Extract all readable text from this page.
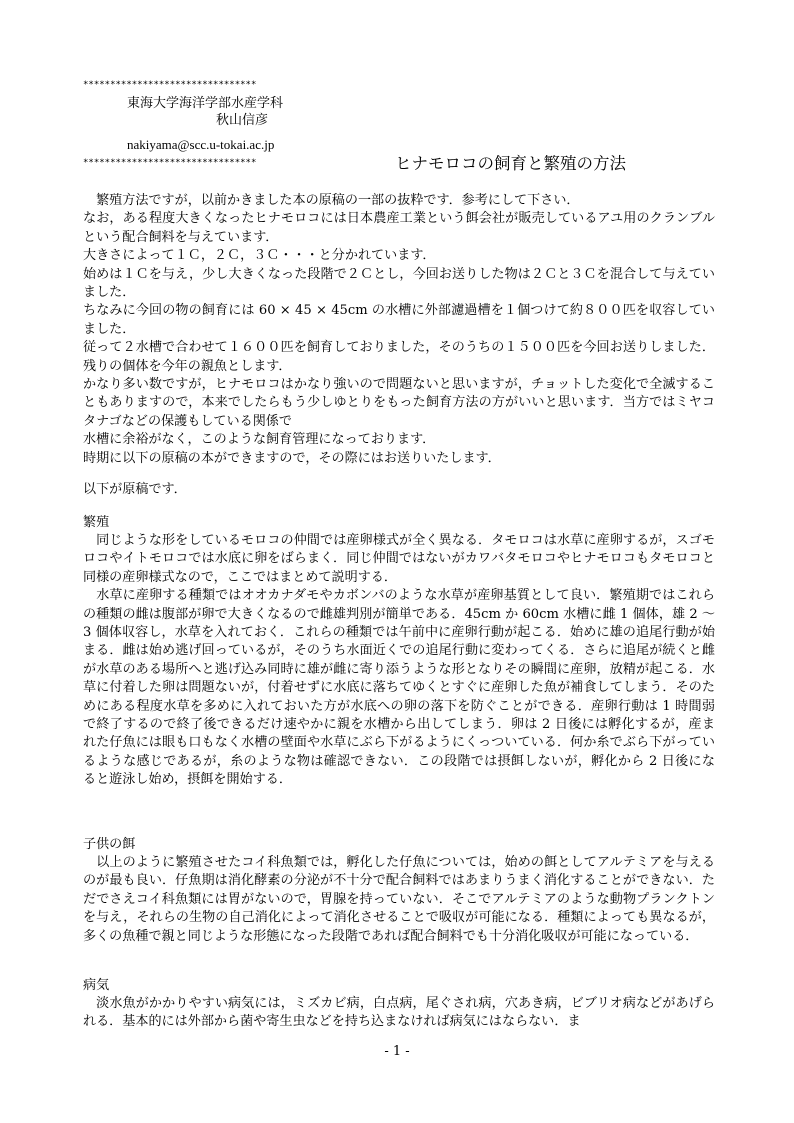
********************************
東海大学海洋学部水産学科
秋山信彦
nakiyama@scc.u-tokai.ac.jp
********************************	ヒナモロコの飼育と繁殖の方法

　繁殖方法ですが，以前かきました本の原稿の一部の抜粋です．参考にして下さい．

なお，ある程度大きくなったヒナモロコには日本農産工業という餌会社が販売しているアユ用のクランブルという配合飼料を与えています．

大きさによって１Ｃ，２Ｃ，３Ｃ・・・と分かれています．

始めは１Ｃを与え，少し大きくなった段階で２Ｃとし，今回お送りした物は２Ｃと３Ｃを混合して与えていました．

ちなみに今回の物の飼育には 60 × 45 × 45cm の水槽に外部濾過槽を１個つけて約８００匹を収容していました．

従って２水槽で合わせて１６００匹を飼育しておりました，そのうちの１５００匹を今回お送りしました．残りの個体を今年の親魚とします．

かなり多い数ですが，ヒナモロコはかなり強いので問題ないと思いますが，チョットした変化で全滅することもありますので，本来でしたらもう少しゆとりをもった飼育方法の方がいいと思います．当方ではミヤコタナゴなどの保護もしている関係で

水槽に余裕がなく，このような飼育管理になっております．

時期に以下の原稿の本ができますので，その際にはお送りいたします．

以下が原稿です．
繁殖

　同じような形をしているモロコの仲間では産卵様式が全く異なる．タモロコは水草に産卵するが，スゴモロコやイトモロコでは水底に卵をばらまく．同じ仲間ではないがカワバタモロコやヒナモロコもタモロコと同様の産卵様式なので，ここではまとめて説明する．

　水草に産卵する種類ではオオカナダモやカボンバのような水草が産卵基質として良い．繁殖期ではこれらの種類の雌は腹部が卵で大きくなるので雌雄判別が簡単である．45cm か 60cm 水槽に雌 1 個体，雄 2 ～ 3 個体収容し，水草を入れておく．これらの種類では午前中に産卵行動が起こる．始めに雄の追尾行動が始まる．雌は始め逃げ回っているが，そのうち水面近くでの追尾行動に変わってくる．さらに追尾が続くと雌が水草のある場所へと逃げ込み同時に雄が雌に寄り添うような形となりその瞬間に産卵，放精が起こる．水草に付着した卵は問題ないが，付着せずに水底に落ちてゆくとすぐに産卵した魚が補食してしまう．そのためにある程度水草を多めに入れておいた方が水底への卵の落下を防ぐことができる．産卵行動は 1 時間弱で終了するので終了後できるだけ速やかに親を水槽から出してしまう．卵は 2 日後には孵化するが，産まれた仔魚には眼も口もなく水槽の壁面や水草にぶら下がるようにくっついている．何か糸でぶら下がっているような感じであるが，糸のような物は確認できない．この段階では摂餌しないが，孵化から 2 日後になると遊泳し始め，摂餌を開始する．

子供の餌

　以上のように繁殖させたコイ科魚類では，孵化した仔魚については，始めの餌としてアルテミアを与えるのが最も良い．仔魚期は消化酵素の分泌が不十分で配合飼料ではあまりうまく消化することができない．ただでさえコイ科魚類には胃がないので，胃腺を持っていない．そこでアルテミアのような動物プランクトンを与え，それらの生物の自己消化によって消化させることで吸収が可能になる．種類によっても異なるが，多くの魚種で親と同じような形態になった段階であれば配合飼料でも十分消化吸収が可能になっている．

病気

　淡水魚がかかりやすい病気には，ミズカビ病，白点病，尾ぐされ病，穴あき病，ビブリオ病などがあげられる．基本的には外部から菌や寄生虫などを持ち込まなければ病気にはならない．ま

- 1 -
